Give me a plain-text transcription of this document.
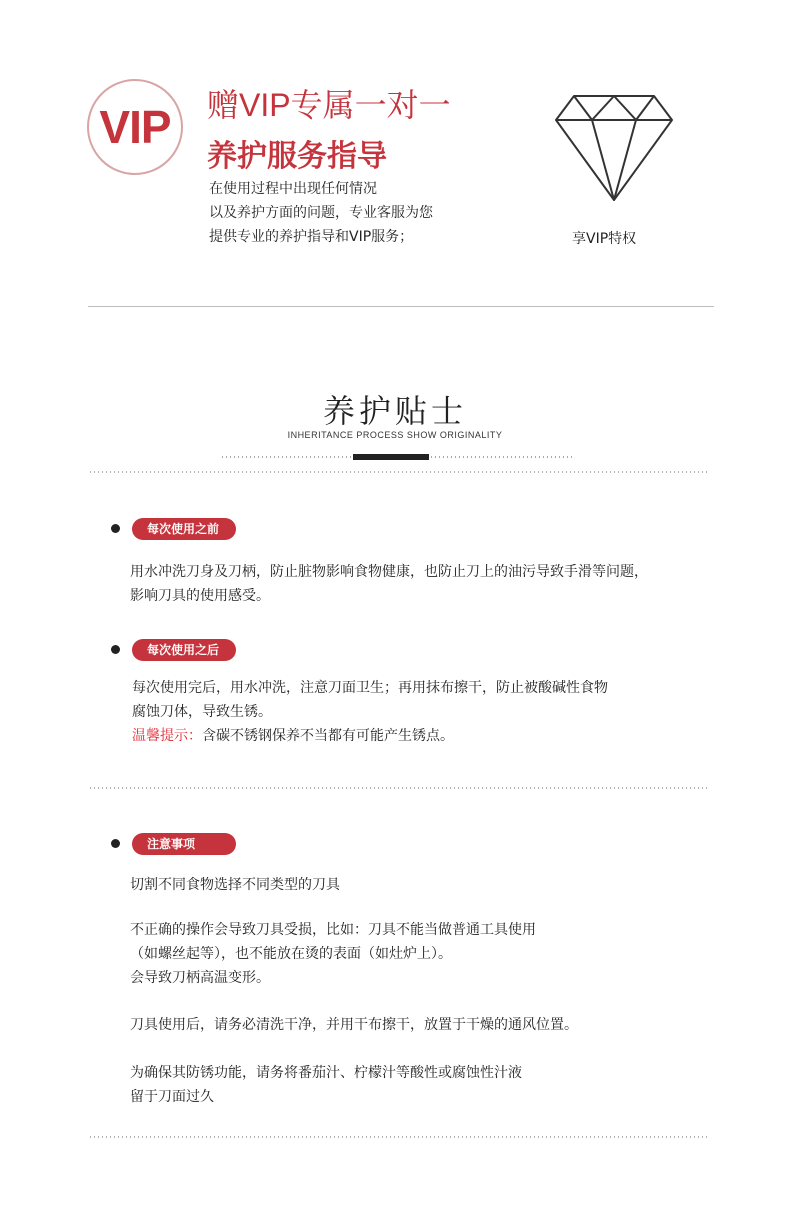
VIP 赠VIP专属一对一
养护服务指导
在使用过程中出现任何情况
以及养护方面的问题，专业客服为您
提供专业的养护指导和VIP服务；	享VIP特权
养护贴士
INHERITANCE PROCESS SHOW ORIGINALITY
每次使用之前
用水冲洗刀身及刀柄，防止脏物影响食物健康，也防止刀上的油污导致手滑等问题，
影响刀具的使用感受。
每次使用之后
每次使用完后，用水冲洗，注意刀面卫生；再用抹布擦干，防止被酸碱性食物
腐蚀刀体，导致生锈。
温馨提示：含碳不锈钢保养不当都有可能产生锈点。
注意事项
切割不同食物选择不同类型的刀具
不正确的操作会导致刀具受损，比如：刀具不能当做普通工具使用
（如螺丝起等），也不能放在烫的表面（如灶炉上）。
会导致刀柄高温变形。
刀具使用后，请务必清洗干净，并用干布擦干，放置于干燥的通风位置。
为确保其防锈功能，请务将番茄汁、柠檬汁等酸性或腐蚀性汁液
留于刀面过久
